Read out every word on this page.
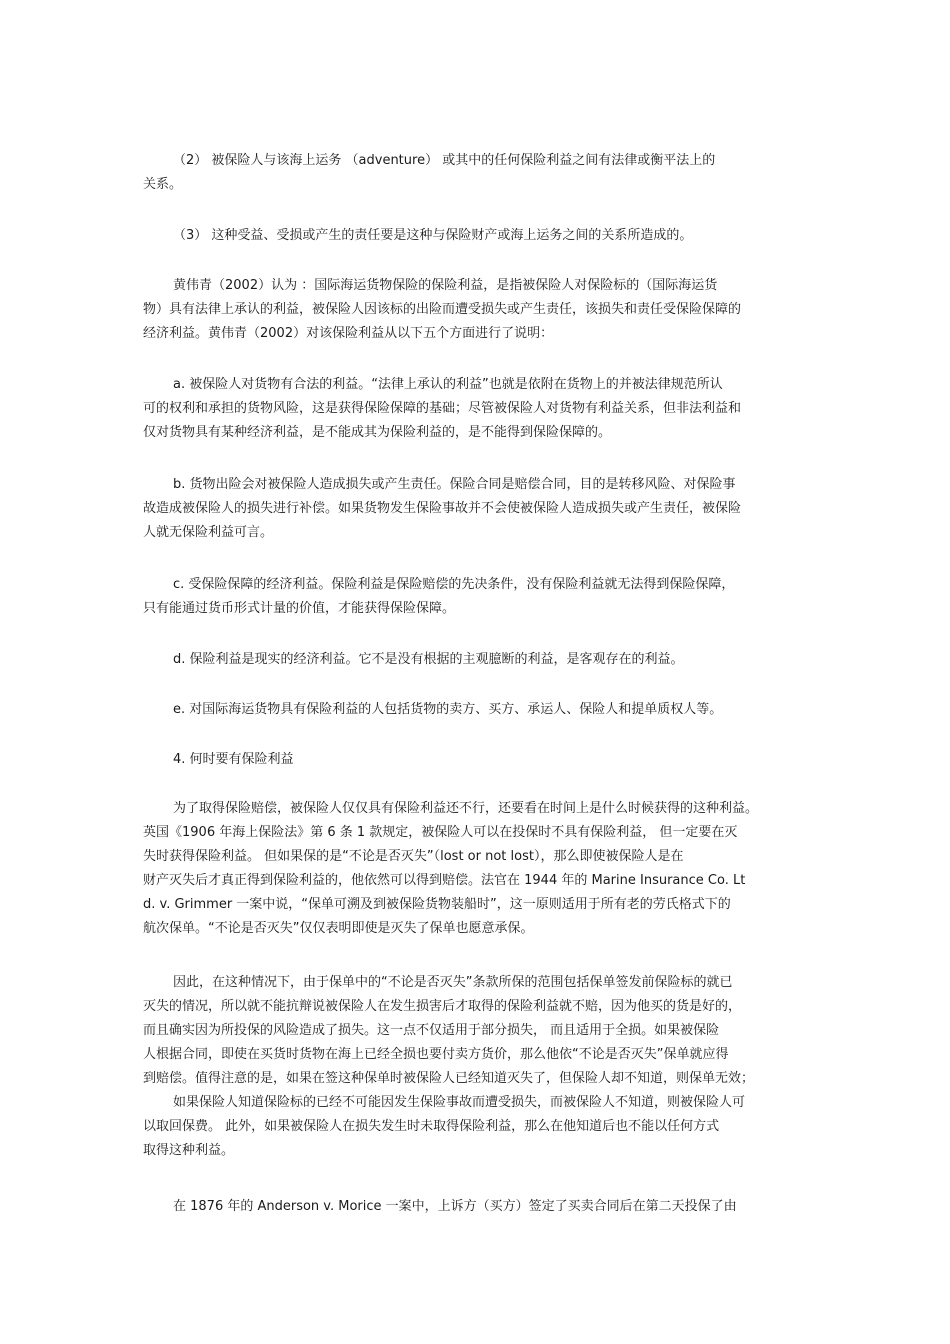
（2） 被保险人与该海上运务 （adventure） 或其中的任何保险利益之间有法律或衡平法上的
关系。
（3） 这种受益、受损或产生的责任要是这种与保险财产或海上运务之间的关系所造成的。
黄伟青（2002）认为 ：国际海运货物保险的保险利益，是指被保险人对保险标的（国际海运货
物）具有法律上承认的利益，被保险人因该标的出险而遭受损失或产生责任，该损失和责任受保险保障的
经济利益。黄伟青（2002）对该保险利益从以下五个方面进行了说明：
a. 被保险人对货物有合法的利益。“法律上承认的利益”也就是依附在货物上的并被法律规范所认
可的权利和承担的货物风险，这是获得保险保障的基础；尽管被保险人对货物有利益关系，但非法利益和
仅对货物具有某种经济利益，是不能成其为保险利益的，是不能得到保险保障的。
b. 货物出险会对被保险人造成损失或产生责任。保险合同是赔偿合同，目的是转移风险、对保险事
故造成被保险人的损失进行补偿。如果货物发生保险事故并不会使被保险人造成损失或产生责任，被保险
人就无保险利益可言。
c. 受保险保障的经济利益。保险利益是保险赔偿的先决条件，没有保险利益就无法得到保险保障，
只有能通过货币形式计量的价值，才能获得保险保障。
d. 保险利益是现实的经济利益。它不是没有根据的主观臆断的利益，是客观存在的利益。
e. 对国际海运货物具有保险利益的人包括货物的卖方、买方、承运人、保险人和提单质权人等。
4. 何时要有保险利益
为了取得保险赔偿，被保险人仅仅具有保险利益还不行，还要看在时间上是什么时候获得的这种利益。
英国《1906 年海上保险法》第 6 条 1 款规定，被保险人可以在投保时不具有保险利益， 但一定要在灭
失时获得保险利益。 但如果保的是“不论是否灭失”（lost or not lost），那么即使被保险人是在
财产灭失后才真正得到保险利益的，他依然可以得到赔偿。法官在 1944 年的 Marine Insurance Co. Lt
d. v. Grimmer 一案中说，“保单可溯及到被保险货物装船时”，这一原则适用于所有老的劳氏格式下的
航次保单。“不论是否灭失”仅仅表明即使是灭失了保单也愿意承保。
因此，在这种情况下，由于保单中的“不论是否灭失”条款所保的范围包括保单签发前保险标的就已
灭失的情况，所以就不能抗辩说被保险人在发生损害后才取得的保险利益就不赔，因为他买的货是好的，
而且确实因为所投保的风险造成了损失。这一点不仅适用于部分损失， 而且适用于全损。如果被保险
人根据合同，即使在买货时货物在海上已经全损也要付卖方货价，那么他依“不论是否灭失”保单就应得
到赔偿。值得注意的是，如果在签这种保单时被保险人已经知道灭失了，但保险人却不知道，则保单无效；
如果保险人知道保险标的已经不可能因发生保险事故而遭受损失，而被保险人不知道，则被保险人可
以取回保费。 此外，如果被保险人在损失发生时未取得保险利益，那么在他知道后也不能以任何方式
取得这种利益。
在 1876 年的 Anderson v. Morice 一案中，上诉方（买方）签定了买卖合同后在第二天投保了由
